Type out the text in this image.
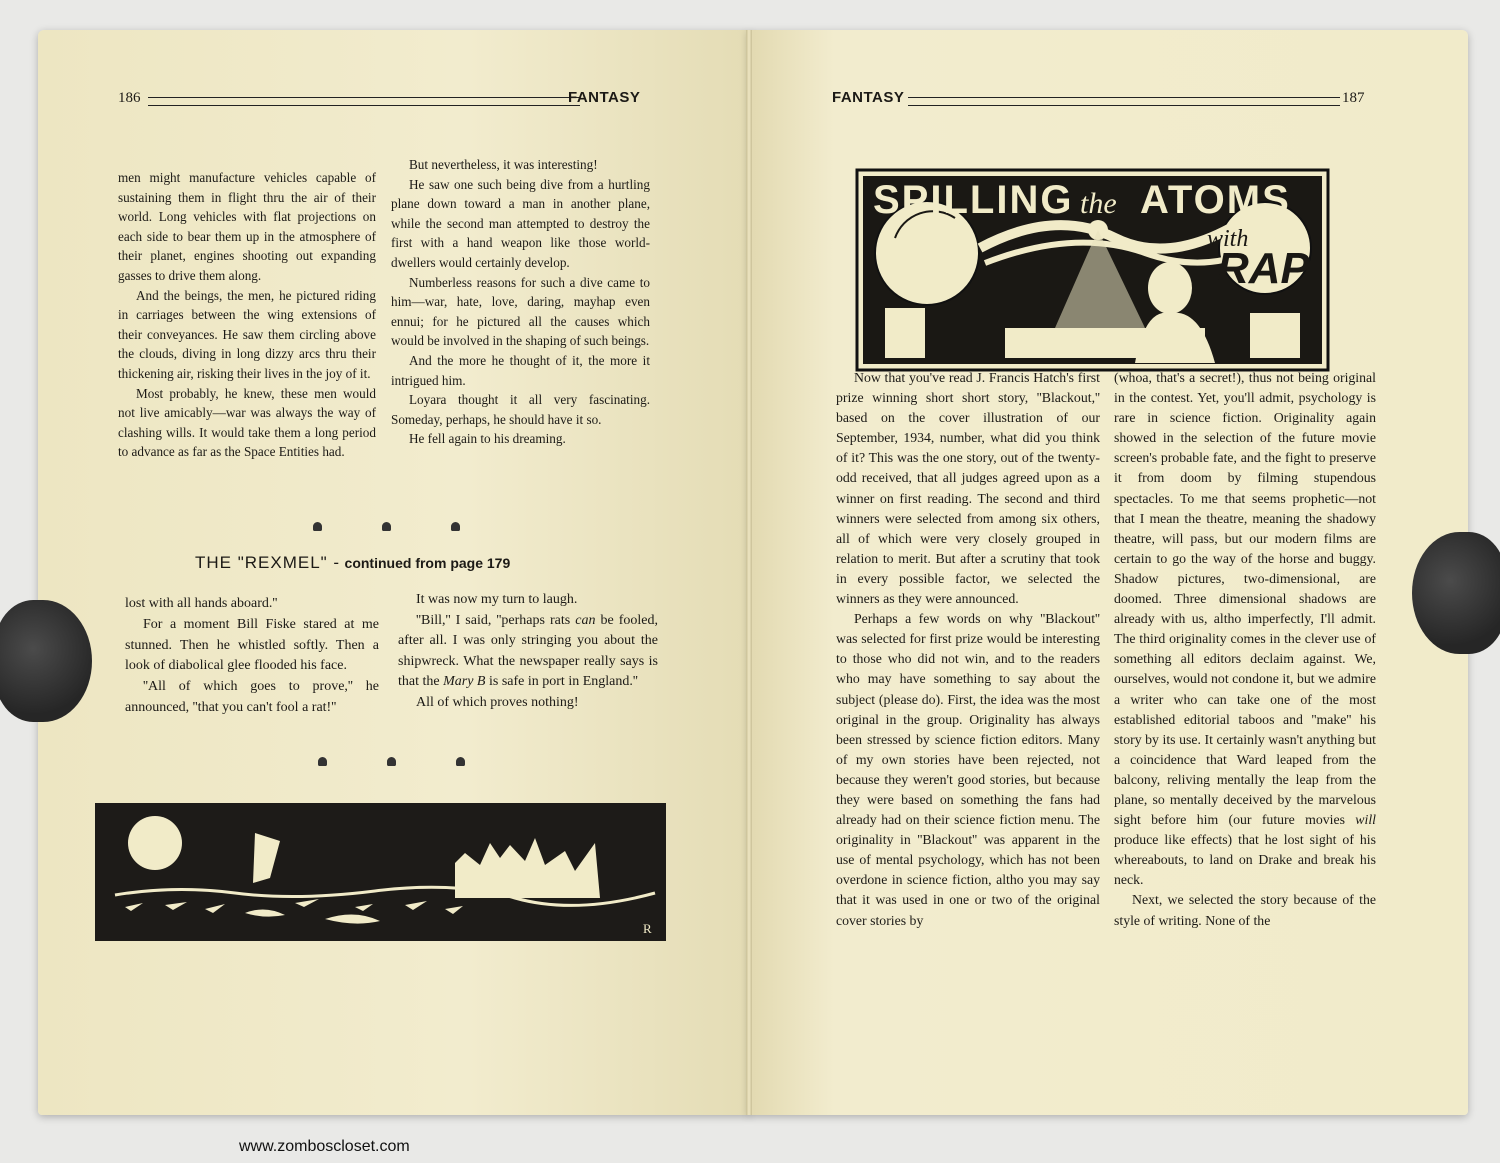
186	FANTASY

men might manufacture vehicles capable of sustaining them in flight thru the air of their world. Long vehicles with flat projections on each side to bear them up in the atmosphere of their planet, engines shooting out expanding gasses to drive them along.

And the beings, the men, he pictured riding in carriages between the wing extensions of their conveyances. He saw them circling above the clouds, diving in long dizzy arcs thru their thickening air, risking their lives in the joy of it.

Most probably, he knew, these men would not live amicably—war was always the way of clashing wills. It would take them a long period to advance as far as the Space Entities had.

But nevertheless, it was interesting!

He saw one such being dive from a hurtling plane down toward a man in another plane, while the second man attempted to destroy the first with a hand weapon like those world-dwellers would certainly develop.

Numberless reasons for such a dive came to him—war, hate, love, daring, mayhap even ennui; for he pictured all the causes which would be involved in the shaping of such beings.

And the more he thought of it, the more it intrigued him.

Loyara thought it all very fascinating. Someday, perhaps, he should have it so.

He fell again to his dreaming.

THE "REXMEL" - continued from page 179

lost with all hands aboard.''

For a moment Bill Fiske stared at me stunned. Then he whistled softly. Then a look of diabolical glee flooded his face.

''All of which goes to prove,'' he announced, ''that you can't fool a rat!''

It was now my turn to laugh.

''Bill,'' I said, ''perhaps rats can be fooled, after all. I was only stringing you about the shipwreck. What the newspaper really says is that the Mary B is safe in port in England.''

All of which proves nothing!

R
FANTASY	187
SPILLING the ATOMS
with
RAP

Now that you've read J. Francis Hatch's first prize winning short short story, ''Blackout,'' based on the cover illustration of our September, 1934, number, what did you think of it? This was the one story, out of the twenty-odd received, that all judges agreed upon as a winner on first reading. The second and third winners were selected from among six others, all of which were very closely grouped in relation to merit. But after a scrutiny that took in every possible factor, we selected the winners as they were announced.

Perhaps a few words on why ''Blackout'' was selected for first prize would be interesting to those who did not win, and to the readers who may have something to say about the subject (please do). First, the idea was the most original in the group. Originality has always been stressed by science fiction editors. Many of my own stories have been rejected, not because they weren't good stories, but because they were based on something the fans had already had on their science fiction menu. The originality in ''Blackout'' was apparent in the use of mental psychology, which has not been overdone in science fiction, altho you may say that it was used in one or two of the original cover stories by

(whoa, that's a secret!), thus not being original in the contest. Yet, you'll admit, psychology is rare in science fiction. Originality again showed in the selection of the future movie screen's probable fate, and the fight to preserve it from doom by filming stupendous spectacles. To me that seems prophetic—not that I mean the theatre, meaning the shadowy theatre, will pass, but our modern films are certain to go the way of the horse and buggy. Shadow pictures, two-dimensional, are doomed. Three dimensional shadows are already with us, altho imperfectly, I'll admit. The third originality comes in the clever use of something all editors declaim against. We, ourselves, would not condone it, but we admire a writer who can take one of the most established editorial taboos and ''make'' his story by its use. It certainly wasn't anything but a coincidence that Ward leaped from the balcony, reliving mentally the leap from the plane, so mentally deceived by the marvelous sight before him (our future movies will produce like effects) that he lost sight of his whereabouts, to land on Drake and break his neck.

Next, we selected the story because of the style of writing. None of the

www.zomboscloset.com
